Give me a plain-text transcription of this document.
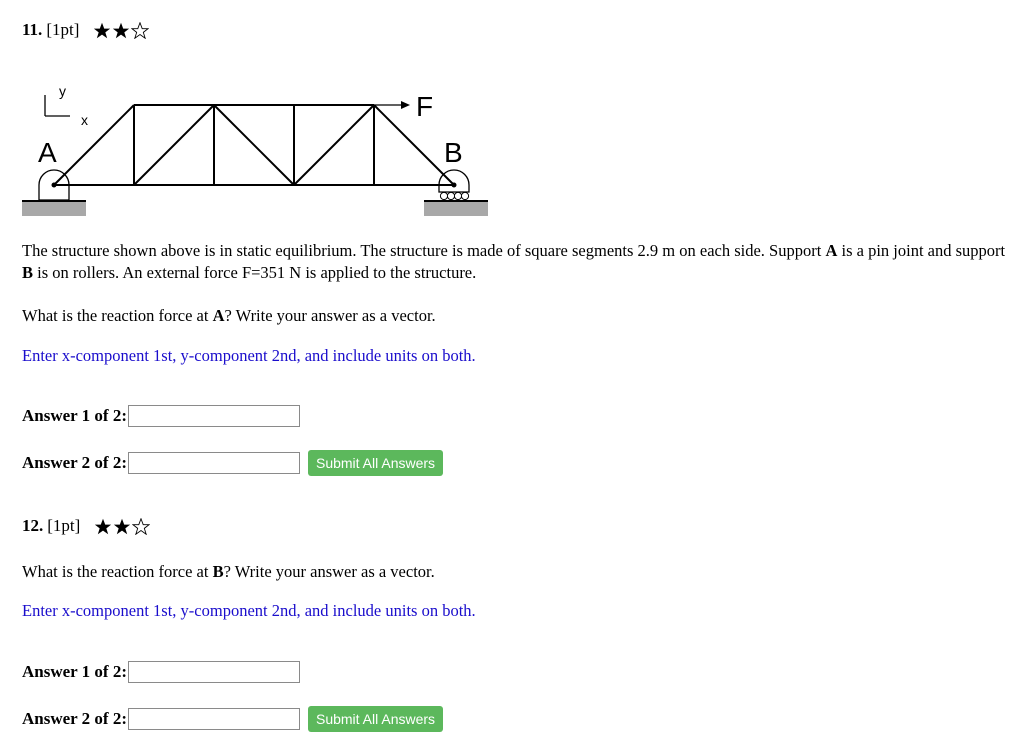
11. [1pt]
y
x
A	B
F
The structure shown above is in static equilibrium. The structure is made of square segments 2.9 m on each side. Support A is a pin joint and support B is on rollers. An external force F=351 N is applied to the structure.
What is the reaction force at A? Write your answer as a vector.
Enter x-component 1st, y-component 2nd, and include units on both.
Answer 1 of 2:
Answer 2 of 2:	Submit All Answers
12. [1pt]
What is the reaction force at B? Write your answer as a vector.
Enter x-component 1st, y-component 2nd, and include units on both.
Answer 1 of 2:
Answer 2 of 2:	Submit All Answers
